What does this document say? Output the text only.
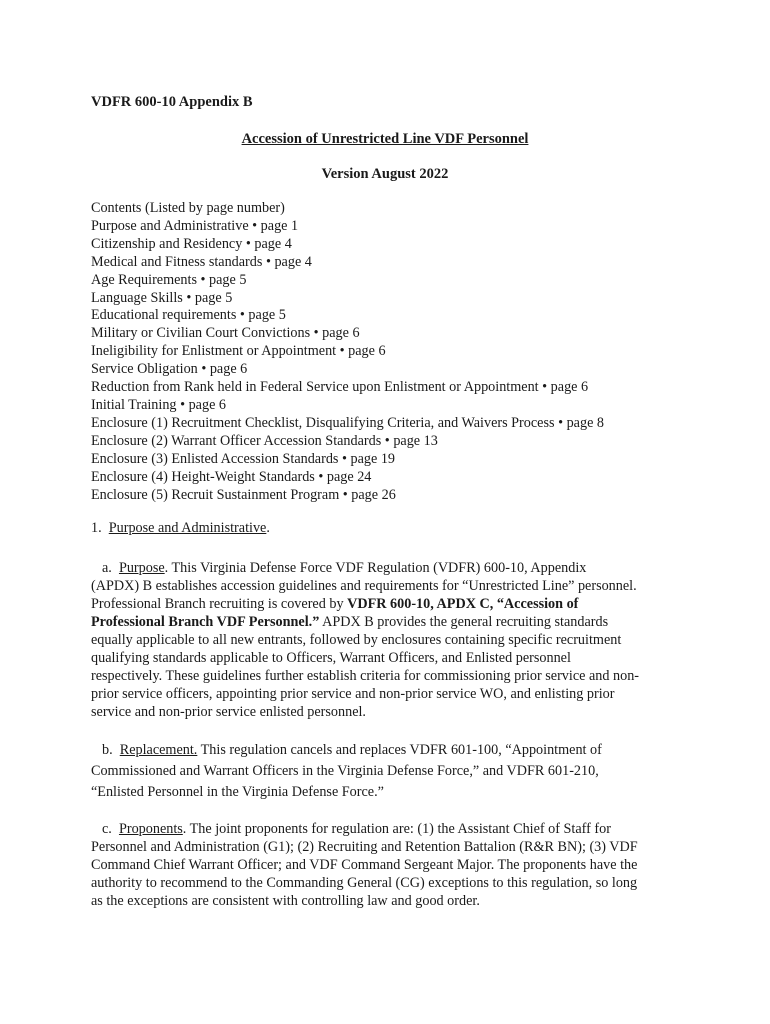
VDFR 600-10 Appendix B
Accession of Unrestricted Line VDF Personnel
Version August 2022
Contents (Listed by page number)
Purpose and Administrative • page 1
Citizenship and Residency • page 4
Medical and Fitness standards • page 4
Age Requirements • page 5
Language Skills • page 5
Educational requirements • page 5
Military or Civilian Court Convictions • page 6
Ineligibility for Enlistment or Appointment • page 6
Service Obligation • page 6
Reduction from Rank held in Federal Service upon Enlistment or Appointment • page 6
Initial Training • page 6
Enclosure (1) Recruitment Checklist, Disqualifying Criteria, and Waivers Process • page 8
Enclosure (2) Warrant Officer Accession Standards • page 13
Enclosure (3) Enlisted Accession Standards • page 19
Enclosure (4) Height-Weight Standards • page 24
Enclosure (5) Recruit Sustainment Program • page 26
1. Purpose and Administrative.
a. Purpose. This Virginia Defense Force VDF Regulation (VDFR) 600-10, Appendix
(APDX) B establishes accession guidelines and requirements for “Unrestricted Line” personnel.
Professional Branch recruiting is covered by VDFR 600-10, APDX C, “Accession of
Professional Branch VDF Personnel.” APDX B provides the general recruiting standards
equally applicable to all new entrants, followed by enclosures containing specific recruitment
qualifying standards applicable to Officers, Warrant Officers, and Enlisted personnel
respectively. These guidelines further establish criteria for commissioning prior service and non-
prior service officers, appointing prior service and non-prior service WO, and enlisting prior
service and non-prior service enlisted personnel.
b. Replacement. This regulation cancels and replaces VDFR 601-100, “Appointment of
Commissioned and Warrant Officers in the Virginia Defense Force,” and VDFR 601-210,
“Enlisted Personnel in the Virginia Defense Force.”
c. Proponents. The joint proponents for regulation are: (1) the Assistant Chief of Staff for
Personnel and Administration (G1); (2) Recruiting and Retention Battalion (R&R BN); (3) VDF
Command Chief Warrant Officer; and VDF Command Sergeant Major. The proponents have the
authority to recommend to the Commanding General (CG) exceptions to this regulation, so long
as the exceptions are consistent with controlling law and good order.
